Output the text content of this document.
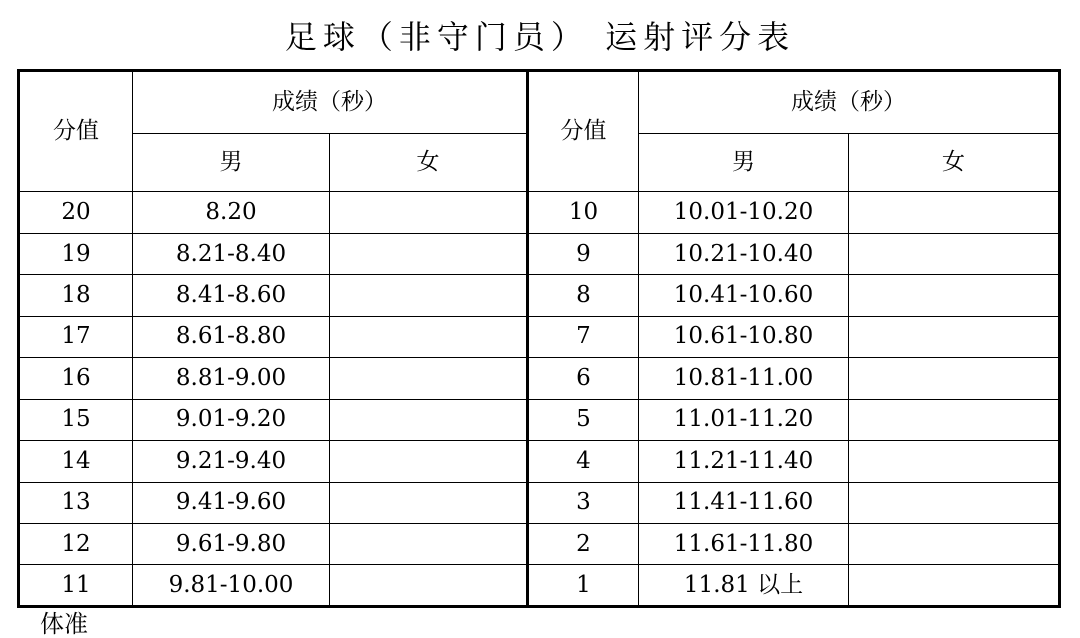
足球（非守门员） 运射评分表
分值	成绩（秒）		分值	成绩（秒）	
	男	女		男	女
20	8.20		10	10.01-10.20	
19	8.21-8.40		9	10.21-10.40	
18	8.41-8.60		8	10.41-10.60	
17	8.61-8.80		7	10.61-10.80	
16	8.81-9.00		6	10.81-11.00	
15	9.01-9.20		5	11.01-11.20	
14	9.21-9.40		4	11.21-11.40	
13	9.41-9.60		3	11.41-11.60	
12	9.61-9.80		2	11.61-11.80	
11	9.81-10.00		1	11.81 以上	
体准
